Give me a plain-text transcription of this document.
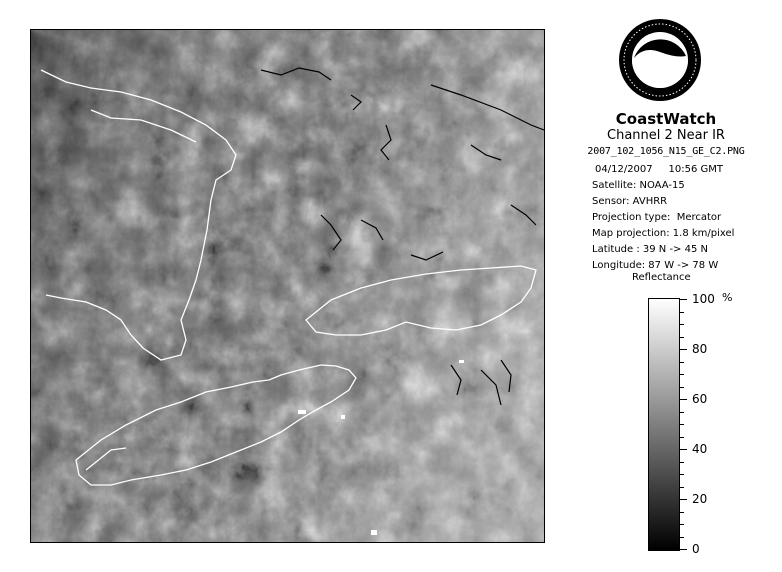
NOAA
CoastWatch
Channel 2 Near IR
2007_102_1056_N15_GE_C2.PNG
04/12/2007     10:56 GMT
Satellite: NOAA-15
Sensor: AVHRR
Projection type:  Mercator
Map projection: 1.8 km/pixel
Latitude : 39 N -> 45 N
Longitude: 87 W -> 78 W
Reflectance
%
100
80
60
40
20
0
